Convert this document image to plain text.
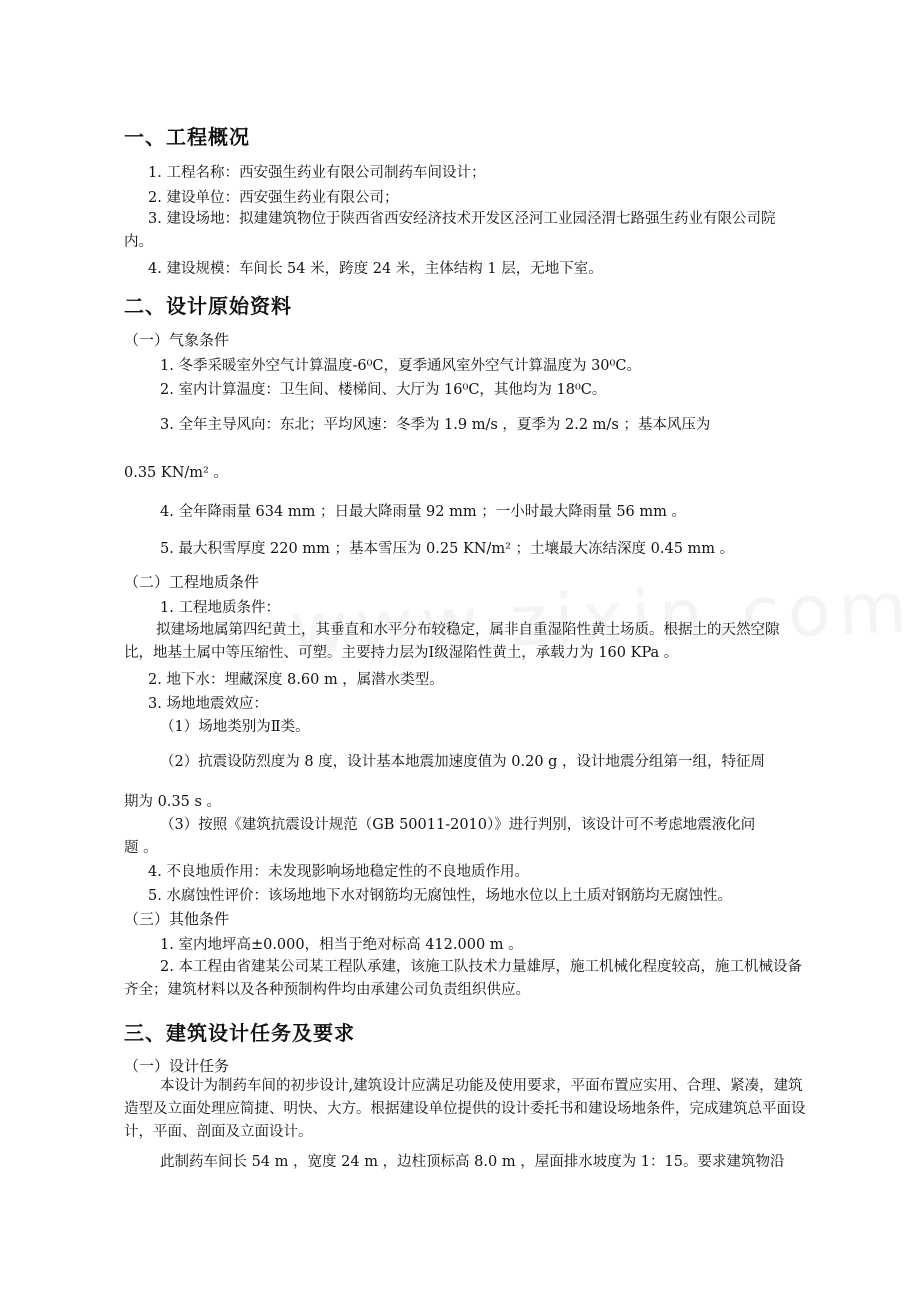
一、工程概况
1. 工程名称：西安强生药业有限公司制药车间设计；
2. 建设单位：西安强生药业有限公司；
3. 建设场地：拟建建筑物位于陕西省西安经济技术开发区泾河工业园泾渭七路强生药业有限公司院内。
4. 建设规模：车间长 54 米，跨度 24 米，主体结构 1 层，无地下室。
二、设计原始资料
（一）气象条件
1. 冬季采暖室外空气计算温度-6⁰C，夏季通风室外空气计算温度为 30⁰C。
2. 室内计算温度：卫生间、楼梯间、大厅为 16⁰C，其他均为 18⁰C。
3. 全年主导风向：东北；平均风速：冬季为 1.9 m/s ，夏季为 2.2 m/s ；基本风压为
0.35 KN/m² 。
4. 全年降雨量 634 mm ；日最大降雨量 92 mm ；一小时最大降雨量 56 mm 。
5. 最大积雪厚度 220 mm ；基本雪压为 0.25 KN/m² ；土壤最大冻结深度 0.45 mm 。
（二）工程地质条件
1. 工程地质条件：
拟建场地属第四纪黄土，其垂直和水平分布较稳定，属非自重湿陷性黄土场质。根据土的天然空隙比，地基土属中等压缩性、可塑。主要持力层为Ⅰ级湿陷性黄土，承载力为 160 KPa 。
2. 地下水：埋藏深度 8.60 m ，属潜水类型。
3. 场地地震效应：
（1）场地类别为Ⅱ类。
（2）抗震设防烈度为 8 度，设计基本地震加速度值为 0.20 g ，设计地震分组第一组，特征周
期为 0.35 s 。
（3）按照《建筑抗震设计规范（GB 50011-2010）》进行判别，该设计可不考虑地震液化问
题 。
4. 不良地质作用：未发现影响场地稳定性的不良地质作用。
5. 水腐蚀性评价：该场地地下水对钢筋均无腐蚀性，场地水位以上土质对钢筋均无腐蚀性。
（三）其他条件
1. 室内地坪高±0.000，相当于绝对标高 412.000 m 。
2. 本工程由省建某公司某工程队承建，该施工队技术力量雄厚，施工机械化程度较高，施工机械设备齐全；建筑材料以及各种预制构件均由承建公司负责组织供应。
三、建筑设计任务及要求
（一）设计任务
本设计为制药车间的初步设计,建筑设计应满足功能及使用要求，平面布置应实用、合理、紧凑，建筑造型及立面处理应简捷、明快、大方。根据建设单位提供的设计委托书和建设场地条件，完成建筑总平面设计，平面、剖面及立面设计。
此制药车间长 54 m ，宽度 24 m ，边柱顶标高 8.0 m ，屋面排水坡度为 1：15。要求建筑物沿
